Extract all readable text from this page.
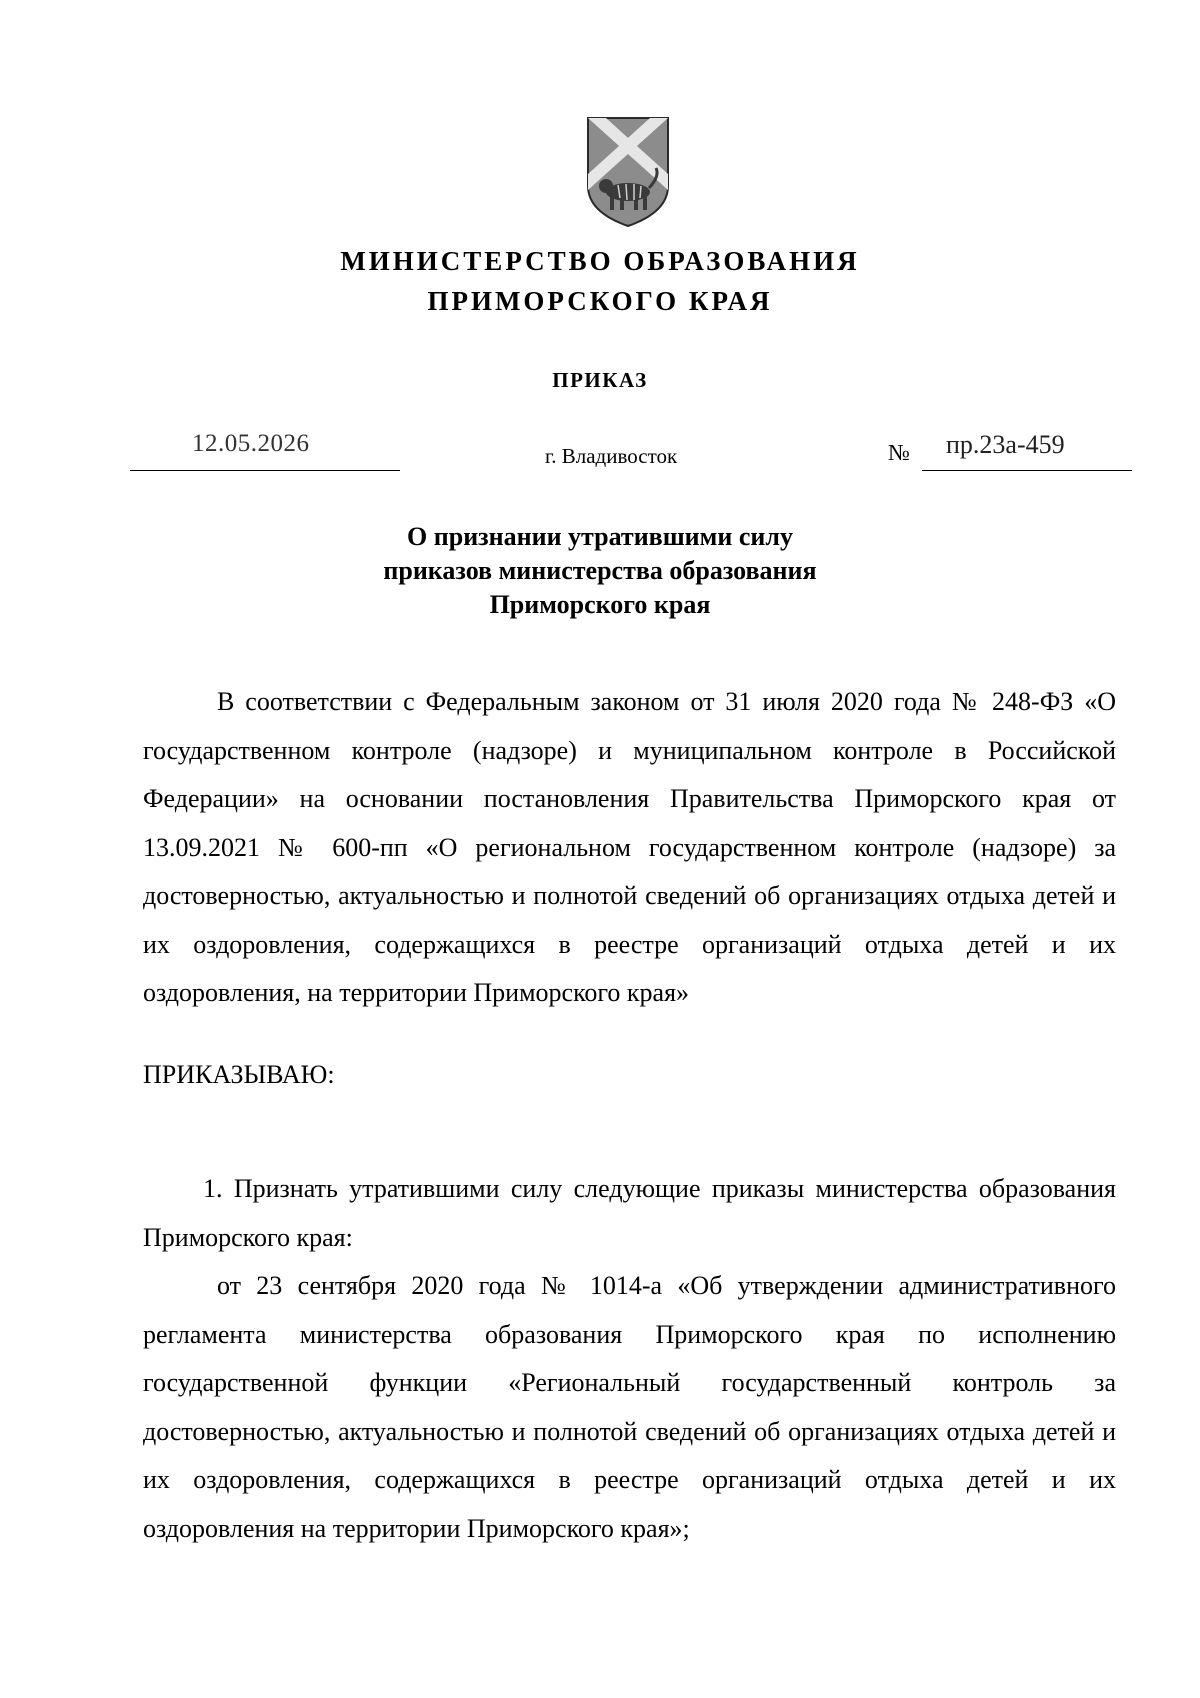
МИНИСТЕРСТВО ОБРАЗОВАНИЯ
ПРИМОРСКОГО КРАЯ
ПРИКАЗ
12.05.2026	г. Владивосток	№ пр.23а-459
О признании утратившими силу
приказов министерства образования
Приморского края
В соответствии с Федеральным законом от 31 июля 2020 года № 248-ФЗ «О государственном контроле (надзоре) и муниципальном контроле в Российской Федерации» на основании постановления Правительства Приморского края от 13.09.2021 № 600-пп «О региональном государственном контроле (надзоре) за достоверностью, актуальностью и полнотой сведений об организациях отдыха детей и их оздоровления, содержащихся в реестре организаций отдыха детей и их оздоровления, на территории Приморского края»
ПРИКАЗЫВАЮ:
1. Признать утратившими силу следующие приказы министерства образования Приморского края:
от 23 сентября 2020 года № 1014-а «Об утверждении административного регламента министерства образования Приморского края по исполнению государственной функции «Региональный государственный контроль за достоверностью, актуальностью и полнотой сведений об организациях отдыха детей и их оздоровления, содержащихся в реестре организаций отдыха детей и их оздоровления на территории Приморского края»;
